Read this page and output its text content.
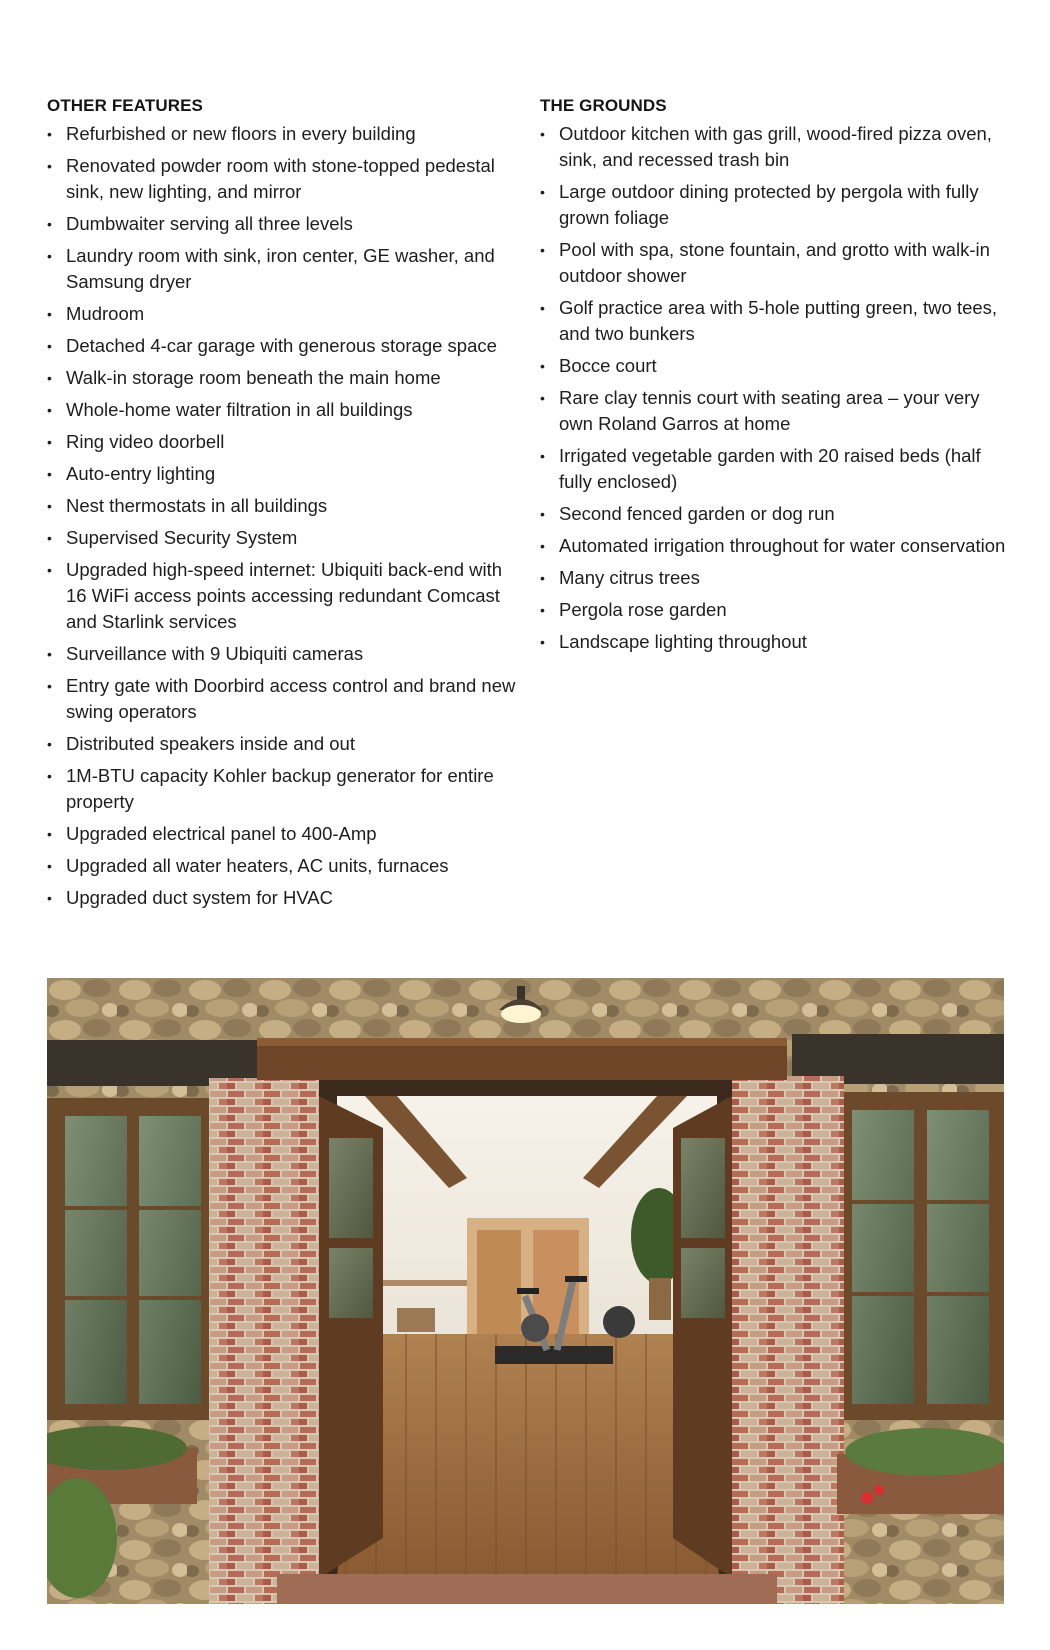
OTHER FEATURES
• Refurbished or new floors in every building
• Renovated powder room with stone-topped pedestal sink, new lighting, and mirror
• Dumbwaiter serving all three levels
• Laundry room with sink, iron center, GE washer, and Samsung dryer
• Mudroom
• Detached 4-car garage with generous storage space
• Walk-in storage room beneath the main home
• Whole-home water filtration in all buildings
• Ring video doorbell
• Auto-entry lighting
• Nest thermostats in all buildings
• Supervised Security System
• Upgraded high-speed internet: Ubiquiti back-end with 16 WiFi access points accessing redundant Comcast and Starlink services
• Surveillance with 9 Ubiquiti cameras
• Entry gate with Doorbird access control and brand new swing operators
• Distributed speakers inside and out
• 1M-BTU capacity Kohler backup generator for entire property
• Upgraded electrical panel to 400-Amp
• Upgraded all water heaters, AC units, furnaces
• Upgraded duct system for HVAC
THE GROUNDS
• Outdoor kitchen with gas grill, wood-fired pizza oven, sink, and recessed trash bin
• Large outdoor dining protected by pergola with fully grown foliage
• Pool with spa, stone fountain, and grotto with walk-in outdoor shower
• Golf practice area with 5-hole putting green, two tees, and two bunkers
• Bocce court
• Rare clay tennis court with seating area – your very own Roland Garros at home
• Irrigated vegetable garden with 20 raised beds (half fully enclosed)
• Second fenced garden or dog run
• Automated irrigation throughout for water conservation
• Many citrus trees
• Pergola rose garden
• Landscape lighting throughout
